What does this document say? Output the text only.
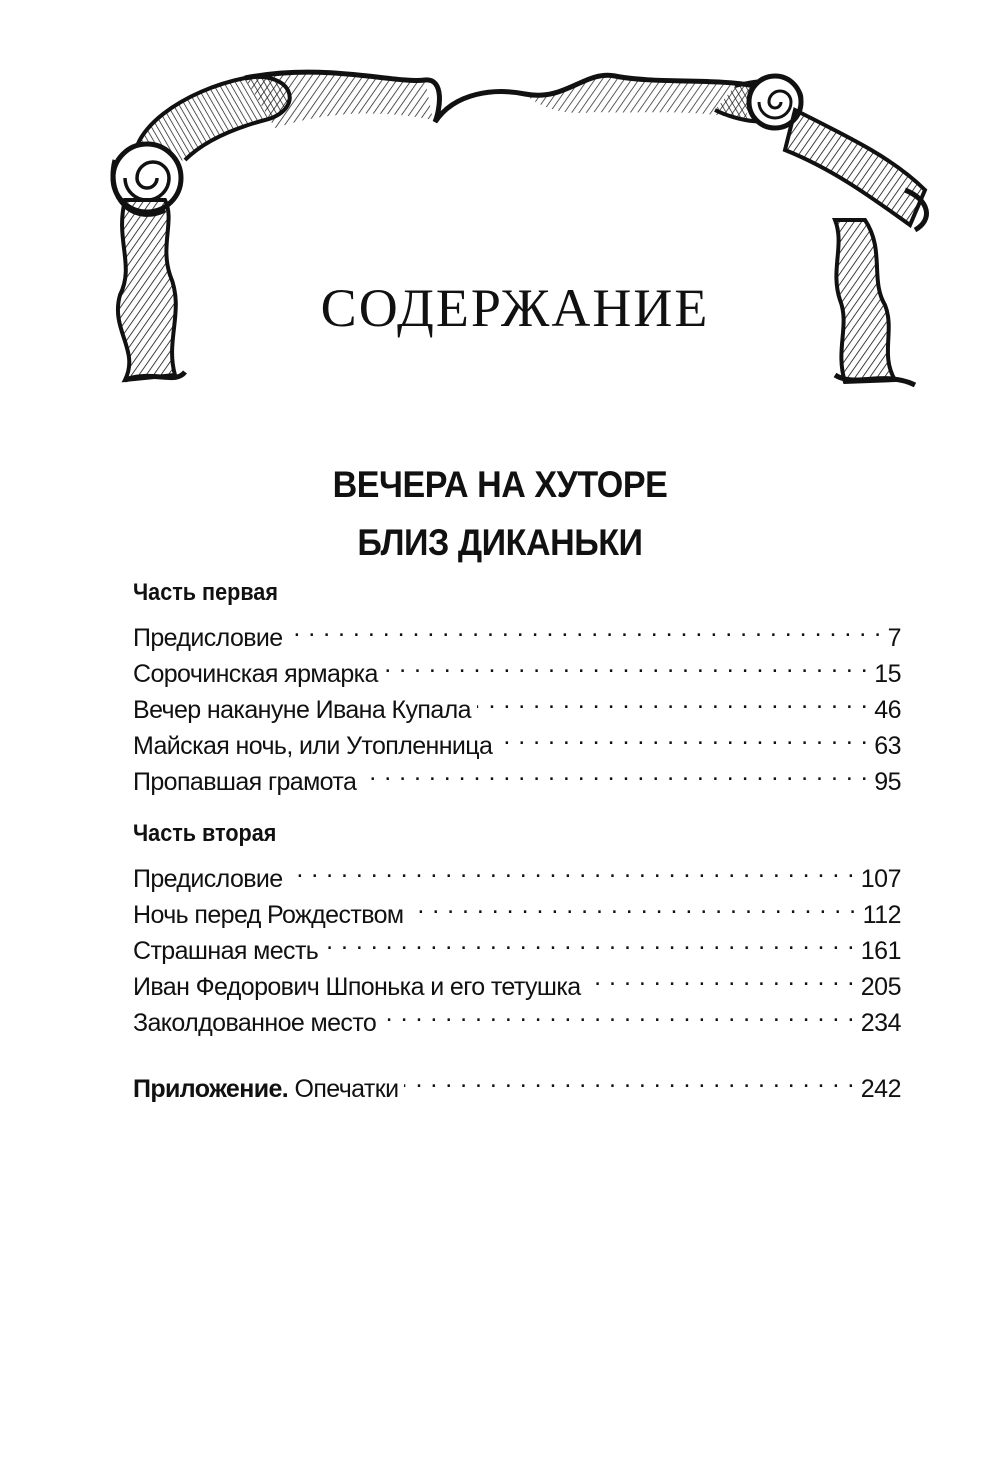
СОДЕРЖАНИЕ
ВЕЧЕРА НА ХУТОРЕ
БЛИЗ ДИКАНЬКИ
Часть первая
Предисловие . . .	7
Сорочинская ярмарка . . .	15
Вечер накануне Ивана Купала . . .	46
Майская ночь, или Утопленница . . .	63
Пропавшая грамота . . .	95
Часть вторая
Предисловие . . .	107
Ночь перед Рождеством . . .	112
Страшная месть . . .	161
Иван Федорович Шпонька и его тетушка . . .	205
Заколдованное место . . .	234
Приложение. Опечатки . . .	242
